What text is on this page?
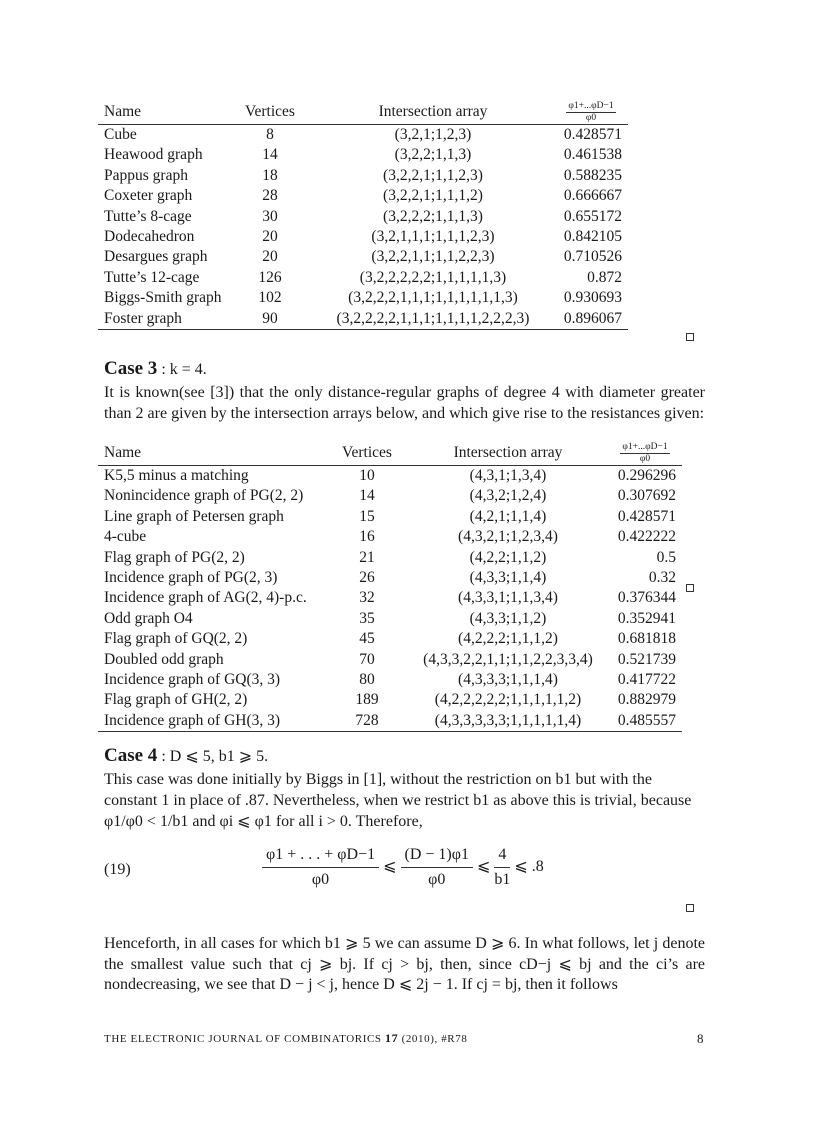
Name	Vertices	Intersection array	$\frac{\varphi 1+...\varphi D-1}{\varphi 0}$

Cube	8	(3,2,1;1,2,3)	0.428571
Heawood graph	14	(3,2,2;1,1,3)	0.461538
Pappus graph	18	(3,2,2,1;1,1,2,3)	0.588235
Coxeter graph	28	(3,2,2,1;1,1,1,2)	0.666667
Tutte’s 8-cage	30	(3,2,2,2;1,1,1,3)	0.655172
Dodecahedron	20	(3,2,1,1,1;1,1,1,2,3)	0.842105
Desargues graph	20	(3,2,2,1,1;1,1,2,2,3)	0.710526
Tutte’s 12-cage	126	(3,2,2,2,2,2;1,1,1,1,1,3)	0.872
Biggs-Smith graph	102	(3,2,2,2,1,1,1;1,1,1,1,1,1,3)	0.930693
Foster graph	90	(3,2,2,2,2,1,1,1;1,1,1,1,2,2,2,3)	0.896067
Case 3 : k = 4.
It is known(see [3]) that the only distance-regular graphs of degree 4 with diameter greater than 2 are given by the intersection arrays below, and which give rise to the resistances given:
Name	Vertices	Intersection array	$\frac{\varphi 1+...\varphi D-1}{\varphi 0}$

K5,5 minus a matching	10	(4,3,1;1,3,4)	0.296296
Nonincidence graph of PG(2, 2)	14	(4,3,2;1,2,4)	0.307692
Line graph of Petersen graph	15	(4,2,1;1,1,4)	0.428571
4-cube	16	(4,3,2,1;1,2,3,4)	0.422222
Flag graph of PG(2, 2)	21	(4,2,2;1,1,2)	0.5
Incidence graph of PG(2, 3)	26	(4,3,3;1,1,4)	0.32
Incidence graph of AG(2, 4)-p.c.	32	(4,3,3,1;1,1,3,4)	0.376344
Odd graph O4	35	(4,3,3;1,1,2)	0.352941
Flag graph of GQ(2, 2)	45	(4,2,2,2;1,1,1,2)	0.681818
Doubled odd graph	70	(4,3,3,2,2,1,1;1,1,2,2,3,3,4)	0.521739
Incidence graph of GQ(3, 3)	80	(4,3,3,3;1,1,1,4)	0.417722
Flag graph of GH(2, 2)	189	(4,2,2,2,2,2;1,1,1,1,1,2)	0.882979
Incidence graph of GH(3, 3)	728	(4,3,3,3,3,3;1,1,1,1,1,4)	0.485557
Case 4 : D ⩽ 5, b1 ⩾ 5.
This case was done initially by Biggs in [1], without the restriction on b1 but with the
constant 1 in place of .87. Nevertheless, when we restrict b1 as above this is trivial, because
φ1/φ0 < 1/b1 and φi ⩽ φ1 for all i > 0. Therefore,
(19)	$\frac{\varphi 1 + . . . + \varphi D-1}{\varphi 0}$ ⩽ $\frac{(D - 1)\varphi 1}{\varphi 0}$ ⩽ $\frac{4}{b1}$ ⩽ .8
Henceforth, in all cases for which b1 ⩾ 5 we can assume D ⩾ 6. In what follows, let j denote the smallest value such that cj ⩾ bj. If cj > bj, then, since cD−j ⩽ bj and the ci’s are nondecreasing, we see that D − j < j, hence D ⩽ 2j − 1. If cj = bj, then it follows
THE ELECTRONIC JOURNAL OF COMBINATORICS 17 (2010), #R78	8
